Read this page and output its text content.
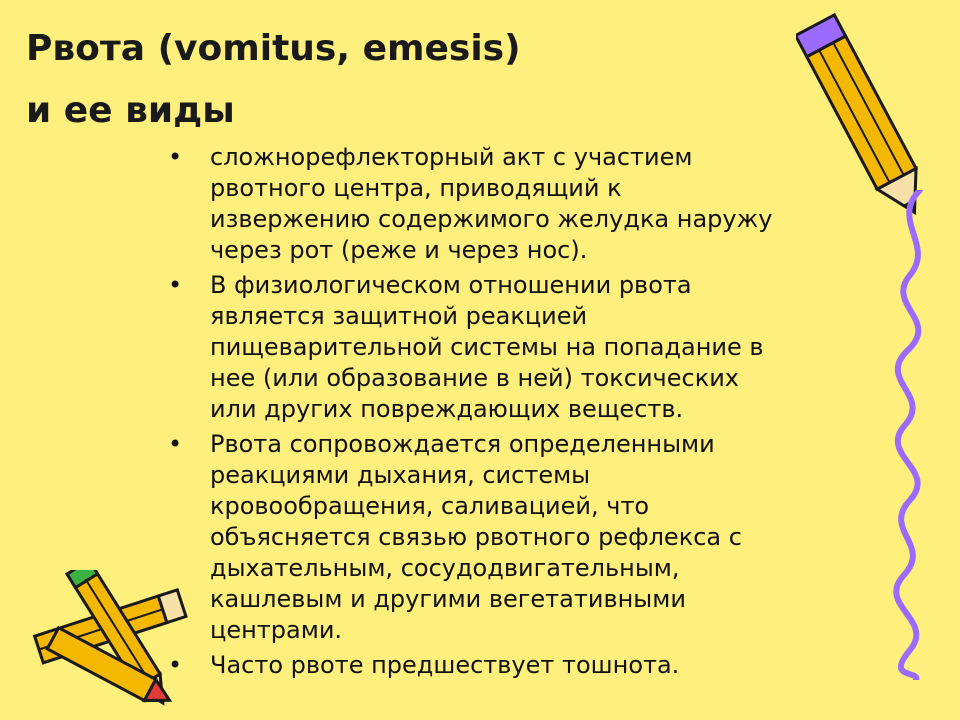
Рвота (vomitus, emesis)
и ее виды
• сложнорефлекторный акт с участием
рвотного центра, приводящий к
извержению содержимого желудка наружу
через рот (реже и через нос).
• В физиологическом отношении рвота
является защитной реакцией
пищеварительной системы на попадание в
нее (или образование в ней) токсических
или других повреждающих веществ.
• Рвота сопровождается определенными
реакциями дыхания, системы
кровообращения, саливацией, что
объясняется связью рвотного рефлекса с
дыхательным, сосудодвигательным,
кашлевым и другими вегетативными
центрами.
• Часто рвоте предшествует тошнота.
